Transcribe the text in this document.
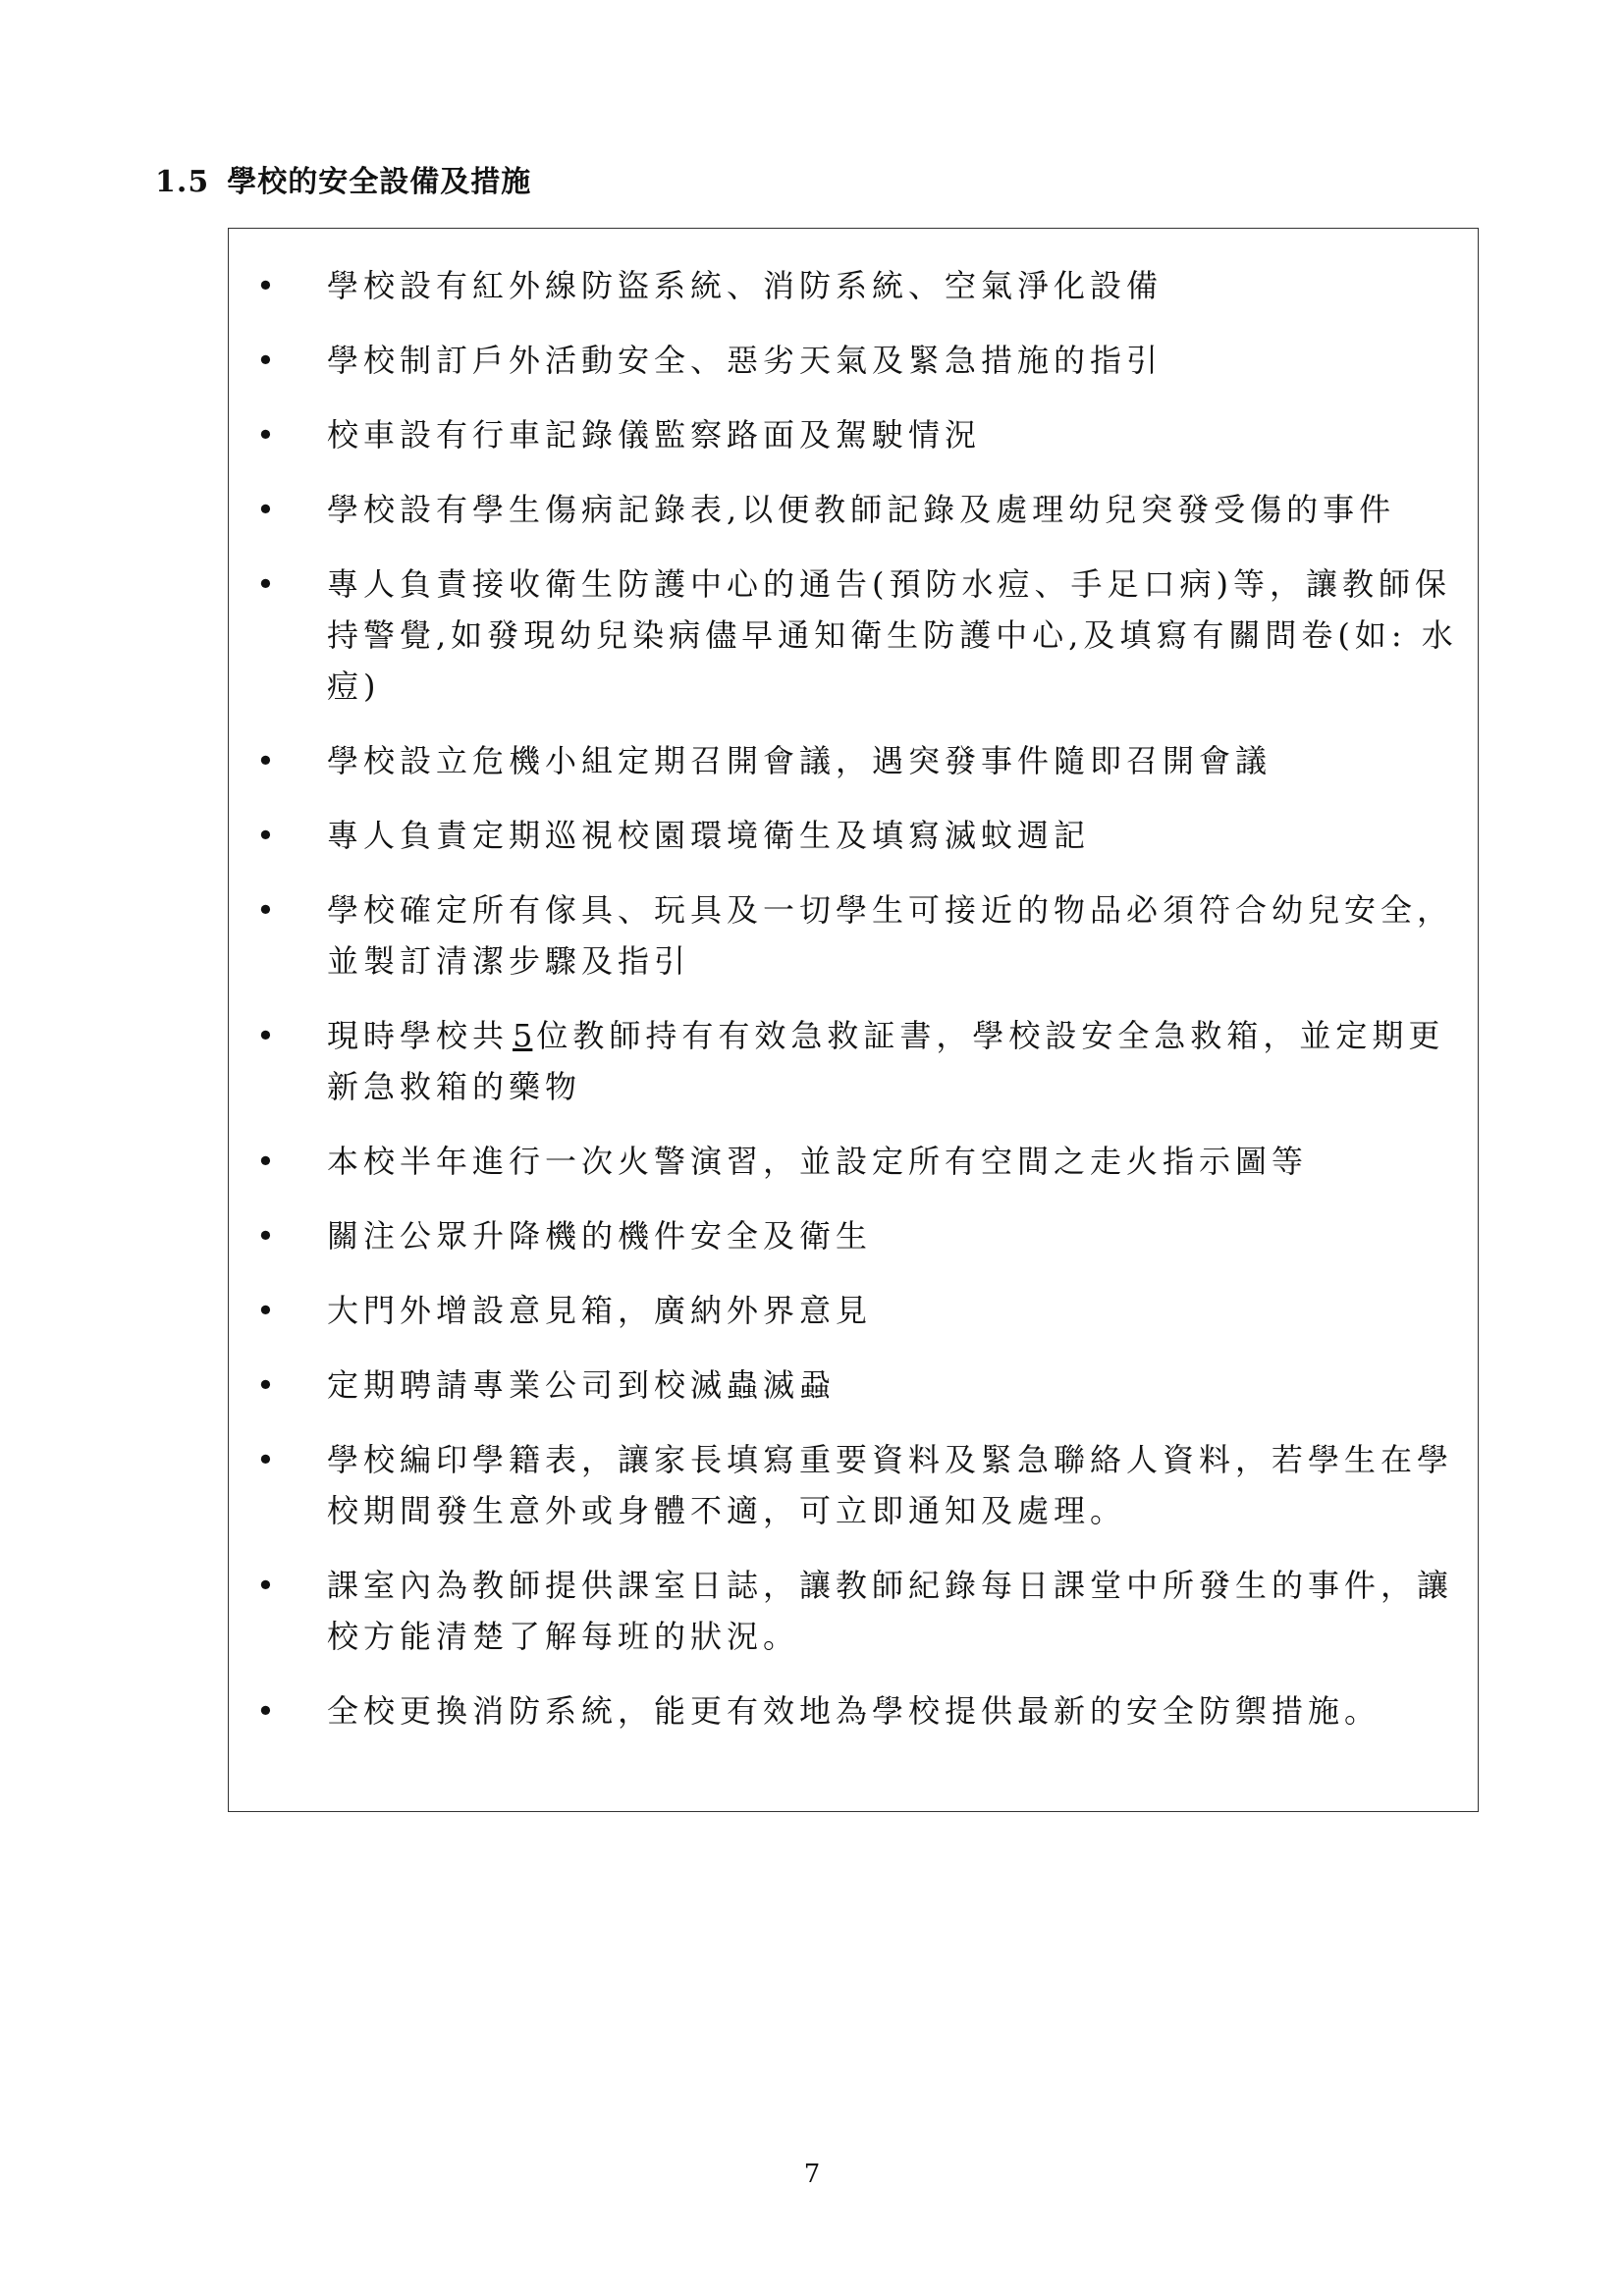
1.5 學校的安全設備及措施
• 學校設有紅外線防盜系統、消防系統、空氣淨化設備
• 學校制訂戶外活動安全、惡劣天氣及緊急措施的指引
• 校車設有行車記錄儀監察路面及駕駛情況
• 學校設有學生傷病記錄表,以便教師記錄及處理幼兒突發受傷的事件
• 專人負責接收衛生防護中心的通告(預防水痘、手足口病)等，讓教師保持警覺,如發現幼兒染病儘早通知衛生防護中心,及填寫有關問卷(如: 水痘)
• 學校設立危機小組定期召開會議，遇突發事件隨即召開會議
• 專人負責定期巡視校園環境衛生及填寫滅蚊週記
• 學校確定所有傢具、玩具及一切學生可接近的物品必須符合幼兒安全，並製訂清潔步驟及指引
• 現時學校共 5 位教師持有有效急救証書，學校設安全急救箱，並定期更新急救箱的藥物
• 本校半年進行一次火警演習，並設定所有空間之走火指示圖等
• 關注公眾升降機的機件安全及衛生
• 大門外增設意見箱，廣納外界意見
• 定期聘請專業公司到校滅蟲滅蝨
• 學校編印學籍表，讓家長填寫重要資料及緊急聯絡人資料，若學生在學校期間發生意外或身體不適，可立即通知及處理。
• 課室內為教師提供課室日誌，讓教師紀錄每日課堂中所發生的事件，讓校方能清楚了解每班的狀況。
• 全校更換消防系統，能更有效地為學校提供最新的安全防禦措施。
7
